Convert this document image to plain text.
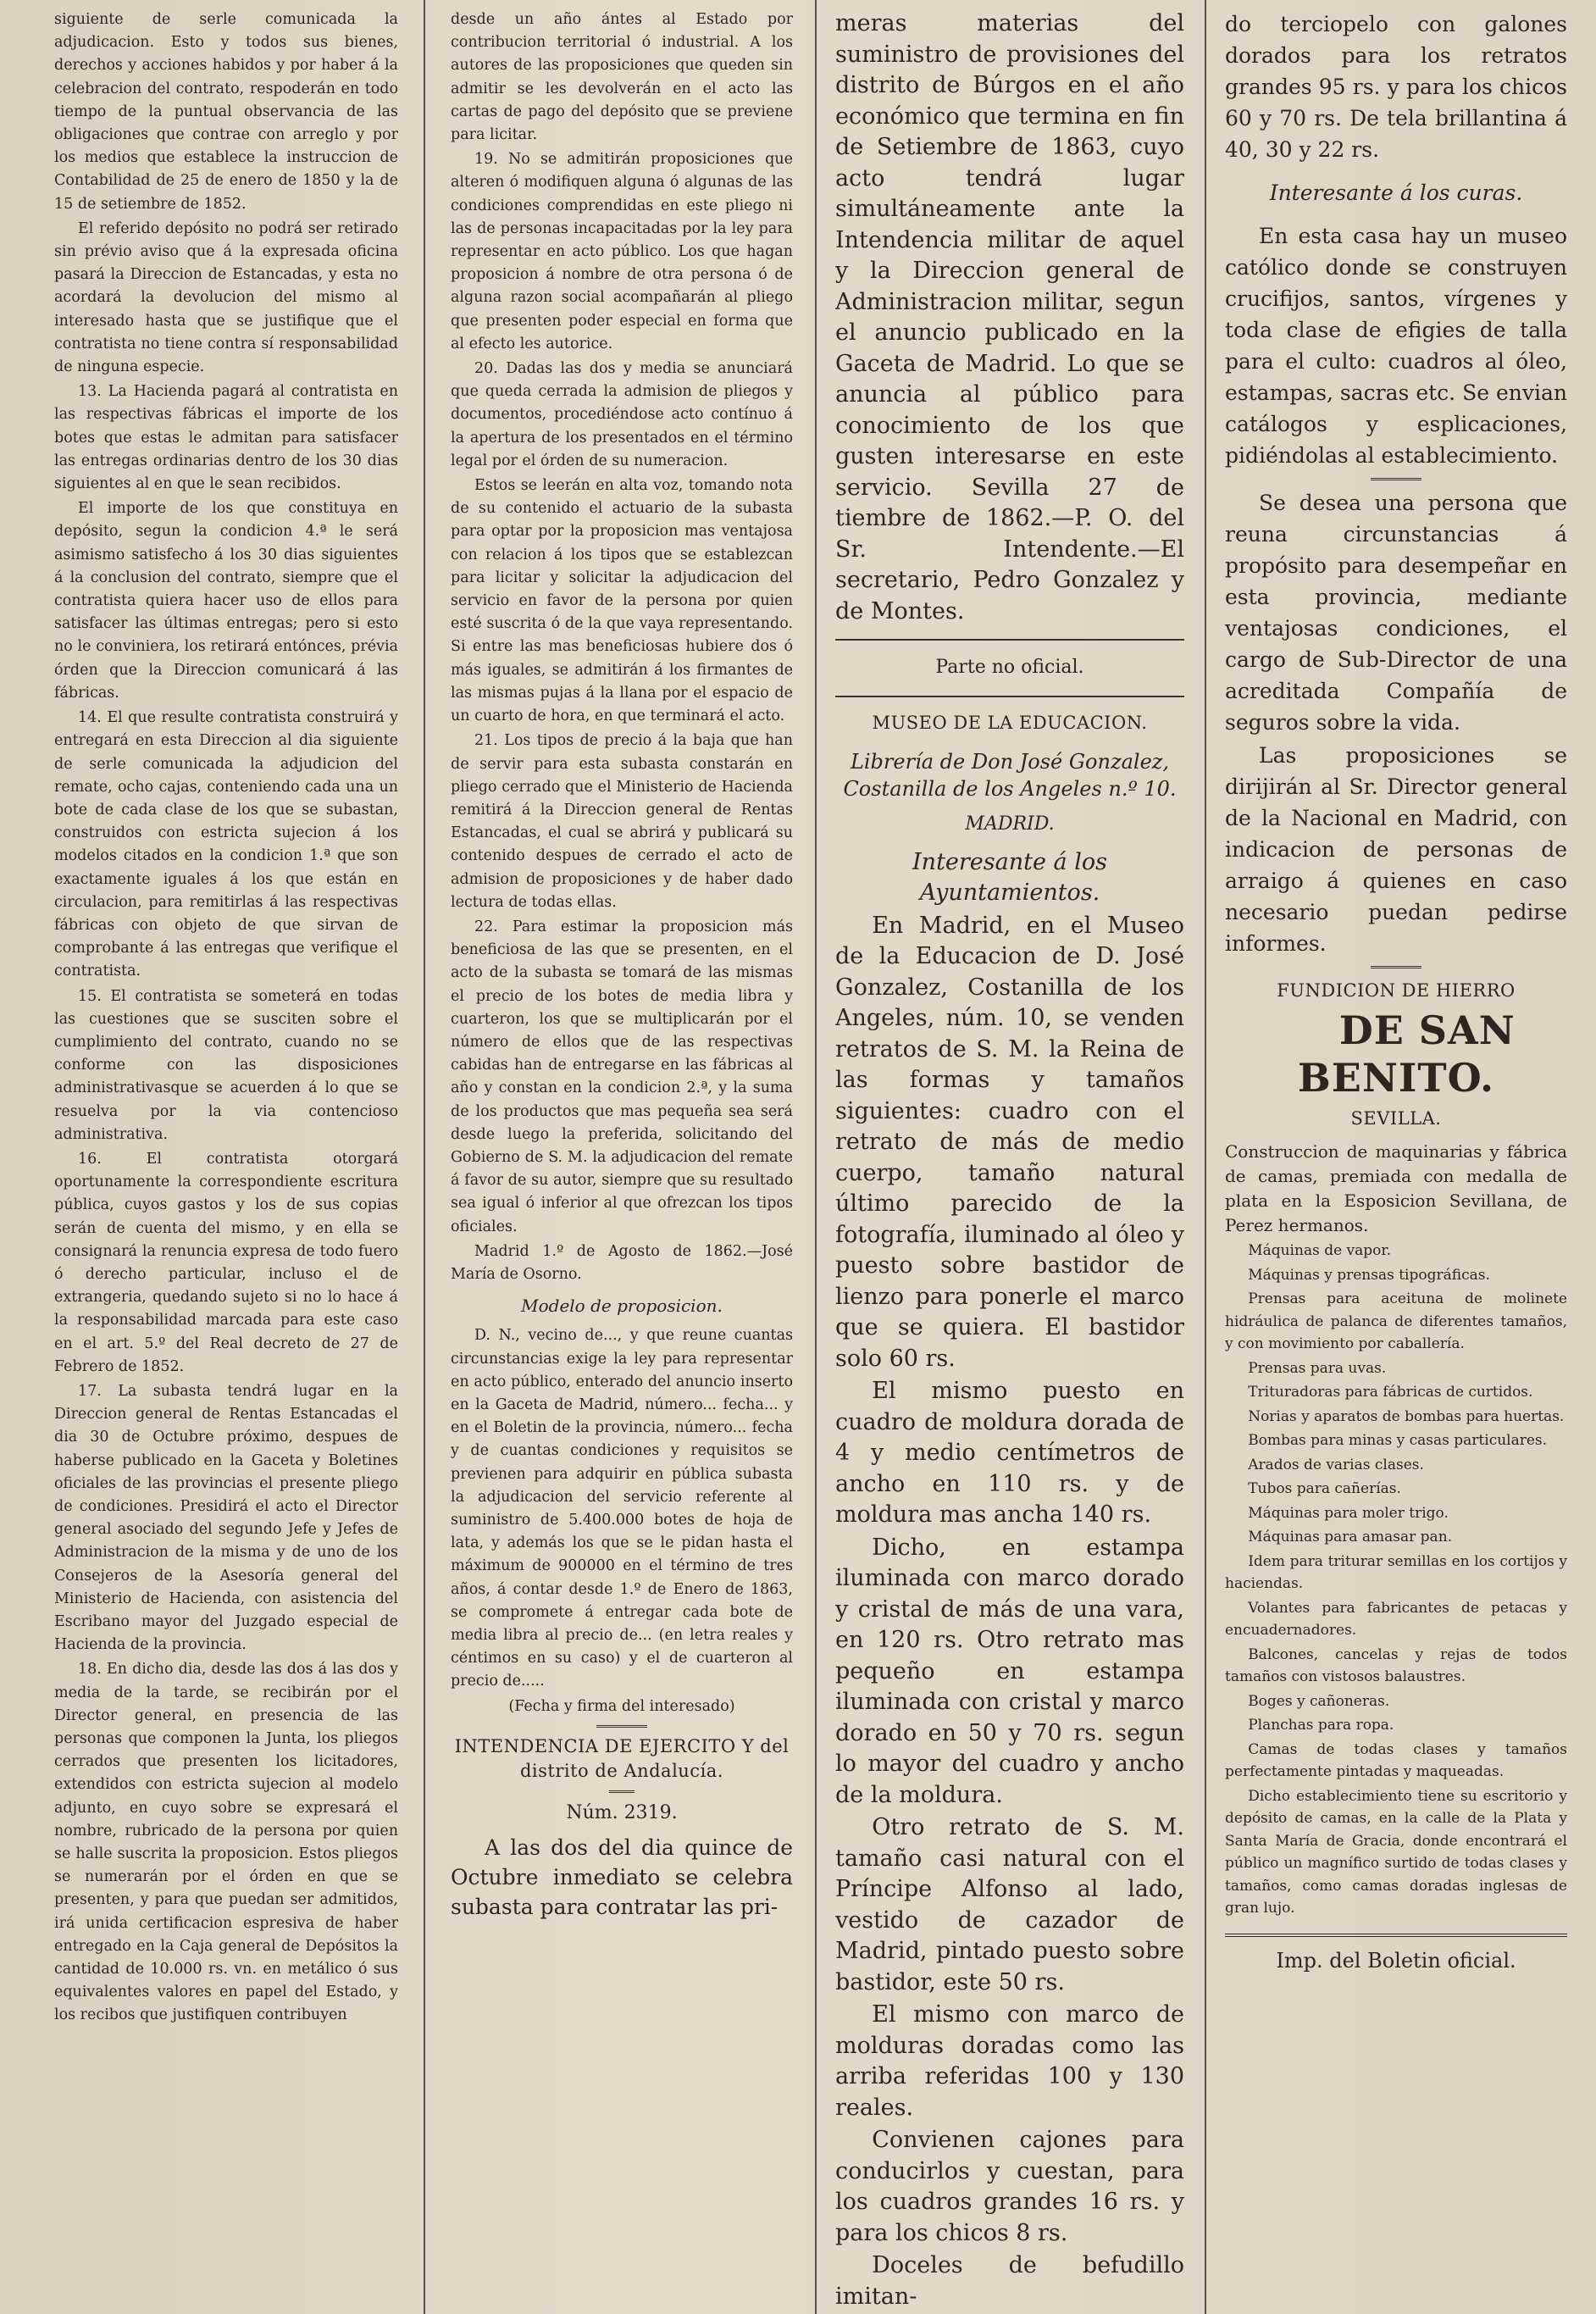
siguiente de serle comunicada la adjudicacion. Esto y todos sus bienes, derechos y acciones habidos y por haber á la celebracion del contrato, respoderán en todo tiempo de la puntual observancia de las obligaciones que contrae con arreglo y por los medios que establece la instruccion de Contabilidad de 25 de enero de 1850 y la de 15 de setiembre de 1852.

El referido depósito no podrá ser retirado sin prévio aviso que á la expresada oficina pasará la Direccion de Estancadas, y esta no acordará la devolucion del mismo al interesado hasta que se justifique que el contratista no tiene contra sí responsabilidad de ninguna especie.

13. La Hacienda pagará al contratista en las respectivas fábricas el importe de los botes que estas le admitan para satisfacer las entregas ordinarias dentro de los 30 dias siguientes al en que le sean recibidos.

El importe de los que constituya en depósito, segun la condicion 4.ª le será asimismo satisfecho á los 30 dias siguientes á la conclusion del contrato, siempre que el contratista quiera hacer uso de ellos para satisfacer las últimas entregas; pero si esto no le conviniera, los retirará entónces, prévia órden que la Direccion comunicará á las fábricas.

14. El que resulte contratista construirá y entregará en esta Direccion al dia siguiente de serle comunicada la adjudicion del remate, ocho cajas, conteniendo cada una un bote de cada clase de los que se subastan, construidos con estricta sujecion á los modelos citados en la condicion 1.ª que son exactamente iguales á los que están en circulacion, para remitirlas á las respectivas fábricas con objeto de que sirvan de comprobante á las entregas que verifique el contratista.

15. El contratista se someterá en todas las cuestiones que se susciten sobre el cumplimiento del contrato, cuando no se conforme con las disposiciones administrativasque se acuerden á lo que se resuelva por la via contencioso administrativa.

16. El contratista otorgará oportunamente la correspondiente escritura pública, cuyos gastos y los de sus copias serán de cuenta del mismo, y en ella se consignará la renuncia expresa de todo fuero ó derecho particular, incluso el de extrangeria, quedando sujeto si no lo hace á la responsabilidad marcada para este caso en el art. 5.º del Real decreto de 27 de Febrero de 1852.

17. La subasta tendrá lugar en la Direccion general de Rentas Estancadas el dia 30 de Octubre próximo, despues de haberse publicado en la Gaceta y Boletines oficiales de las provincias el presente pliego de condiciones. Presidirá el acto el Director general asociado del segundo Jefe y Jefes de Administracion de la misma y de uno de los Consejeros de la Asesoría general del Ministerio de Hacienda, con asistencia del Escribano mayor del Juzgado especial de Hacienda de la provincia.

18. En dicho dia, desde las dos á las dos y media de la tarde, se recibirán por el Director general, en presencia de las personas que componen la Junta, los pliegos cerrados que presenten los licitadores, extendidos con estricta sujecion al modelo adjunto, en cuyo sobre se expresará el nombre, rubricado de la persona por quien se halle suscrita la proposicion. Estos pliegos se numerarán por el órden en que se presenten, y para que puedan ser admitidos, irá unida certificacion espresiva de haber entregado en la Caja general de Depósitos la cantidad de 10.000 rs. vn. en metálico ó sus equivalentes valores en papel del Estado, y los recibos que justifiquen contribuyen

desde un año ántes al Estado por contribucion territorial ó industrial. A los autores de las proposiciones que queden sin admitir se les devolverán en el acto las cartas de pago del depósito que se previene para licitar.

19. No se admitirán proposiciones que alteren ó modifiquen alguna ó algunas de las condiciones comprendidas en este pliego ni las de personas incapacitadas por la ley para representar en acto público. Los que hagan proposicion á nombre de otra persona ó de alguna razon social acompañarán al pliego que presenten poder especial en forma que al efecto les autorice.

20. Dadas las dos y media se anunciará que queda cerrada la admision de pliegos y documentos, procediéndose acto contínuo á la apertura de los presentados en el término legal por el órden de su numeracion.

Estos se leerán en alta voz, tomando nota de su contenido el actuario de la subasta para optar por la proposicion mas ventajosa con relacion á los tipos que se establezcan para licitar y solicitar la adjudicacion del servicio en favor de la persona por quien esté suscrita ó de la que vaya representando. Si entre las mas beneficiosas hubiere dos ó más iguales, se admitirán á los firmantes de las mismas pujas á la llana por el espacio de un cuarto de hora, en que terminará el acto.

21. Los tipos de precio á la baja que han de servir para esta subasta constarán en pliego cerrado que el Ministerio de Hacienda remitirá á la Direccion general de Rentas Estancadas, el cual se abrirá y publicará su contenido despues de cerrado el acto de admision de proposiciones y de haber dado lectura de todas ellas.

22. Para estimar la proposicion más beneficiosa de las que se presenten, en el acto de la subasta se tomará de las mismas el precio de los botes de media libra y cuarteron, los que se multiplicarán por el número de ellos que de las respectivas cabidas han de entregarse en las fábricas al año y constan en la condicion 2.ª, y la suma de los productos que mas pequeña sea será desde luego la preferida, solicitando del Gobierno de S. M. la adjudicacion del remate á favor de su autor, siempre que su resultado sea igual ó inferior al que ofrezcan los tipos oficiales.

Madrid 1.º de Agosto de 1862.—José María de Osorno.

Modelo de proposicion.

D. N., vecino de..., y que reune cuantas circunstancias exige la ley para representar en acto público, enterado del anuncio inserto en la Gaceta de Madrid, número... fecha... y en el Boletin de la provincia, número... fecha y de cuantas condiciones y requisitos se previenen para adquirir en pública subasta la adjudicacion del servicio referente al suministro de 5.400.000 botes de hoja de lata, y además los que se le pidan hasta el máximum de 900000 en el término de tres años, á contar desde 1.º de Enero de 1863, se compromete á entregar cada bote de media libra al precio de... (en letra reales y céntimos en su caso) y el de cuarteron al precio de.....

(Fecha y firma del interesado)

INTENDENCIA DE EJERCITO Y del distrito de Andalucía.

Núm. 2319.

A las dos del dia quince de Octubre inmediato se celebra subasta para contratar las pri-

meras materias del suministro de provisiones del distrito de Búrgos en el año económico que termina en fin de Setiembre de 1863, cuyo acto tendrá lugar simultáneamente ante la Intendencia militar de aquel y la Direccion general de Administracion militar, segun el anuncio publicado en la Gaceta de Madrid. Lo que se anuncia al público para conocimiento de los que gusten interesarse en este servicio. Sevilla 27 de tiembre de 1862.—P. O. del Sr. Intendente.—El secretario, Pedro Gonzalez y de Montes.

Parte no oficial.

MUSEO DE LA EDUCACION.

Librería de Don José Gonzalez, Costanilla de los Angeles n.º 10.

MADRID.

Interesante á los Ayuntamientos.

En Madrid, en el Museo de la Educacion de D. José Gonzalez, Costanilla de los Angeles, núm. 10, se venden retratos de S. M. la Reina de las formas y tamaños siguientes: cuadro con el retrato de más de medio cuerpo, tamaño natural último parecido de la fotografía, iluminado al óleo y puesto sobre bastidor de lienzo para ponerle el marco que se quiera. El bastidor solo 60 rs.

El mismo puesto en cuadro de moldura dorada de 4 y medio centímetros de ancho en 110 rs. y de moldura mas ancha 140 rs.

Dicho, en estampa iluminada con marco dorado y cristal de más de una vara, en 120 rs. Otro retrato mas pequeño en estampa iluminada con cristal y marco dorado en 50 y 70 rs. segun lo mayor del cuadro y ancho de la moldura.

Otro retrato de S. M. tamaño casi natural con el Príncipe Alfonso al lado, vestido de cazador de Madrid, pintado puesto sobre bastidor, este 50 rs.

El mismo con marco de molduras doradas como las arriba referidas 100 y 130 reales.

Convienen cajones para conducirlos y cuestan, para los cuadros grandes 16 rs. y para los chicos 8 rs.

Doceles de befudillo imitan-

do terciopelo con galones dorados para los retratos grandes 95 rs. y para los chicos 60 y 70 rs. De tela brillantina á 40, 30 y 22 rs.

Interesante á los curas.

En esta casa hay un museo católico donde se construyen crucifijos, santos, vírgenes y toda clase de efigies de talla para el culto: cuadros al óleo, estampas, sacras etc. Se envian catálogos y esplicaciones, pidiéndolas al establecimiento.

Se desea una persona que reuna circunstancias á propósito para desempeñar en esta provincia, mediante ventajosas condiciones, el cargo de Sub-Director de una acreditada Compañía de seguros sobre la vida.

Las proposiciones se dirijirán al Sr. Director general de la Nacional en Madrid, con indicacion de personas de arraigo á quienes en caso necesario puedan pedirse informes.

FUNDICION DE HIERRO

DE SAN BENITO.

SEVILLA.

Construccion de maquinarias y fábrica de camas, premiada con medalla de plata en la Esposicion Sevillana, de Perez hermanos.

Máquinas de vapor.

Máquinas y prensas tipográficas.

Prensas para aceituna de molinete hidráulica de palanca de diferentes tamaños, y con movimiento por caballería.

Prensas para uvas.

Trituradoras para fábricas de curtidos.

Norias y aparatos de bombas para huertas.

Bombas para minas y casas particulares.

Arados de varias clases.

Tubos para cañerías.

Máquinas para moler trigo.

Máquinas para amasar pan.

Idem para triturar semillas en los cortijos y haciendas.

Volantes para fabricantes de petacas y encuadernadores.

Balcones, cancelas y rejas de todos tamaños con vistosos balaustres.

Boges y cañoneras.

Planchas para ropa.

Camas de todas clases y tamaños perfectamente pintadas y maqueadas.

Dicho establecimiento tiene su escritorio y depósito de camas, en la calle de la Plata y Santa María de Gracia, donde encontrará el público un magnífico surtido de todas clases y tamaños, como camas doradas inglesas de gran lujo.

Imp. del Boletin oficial.
